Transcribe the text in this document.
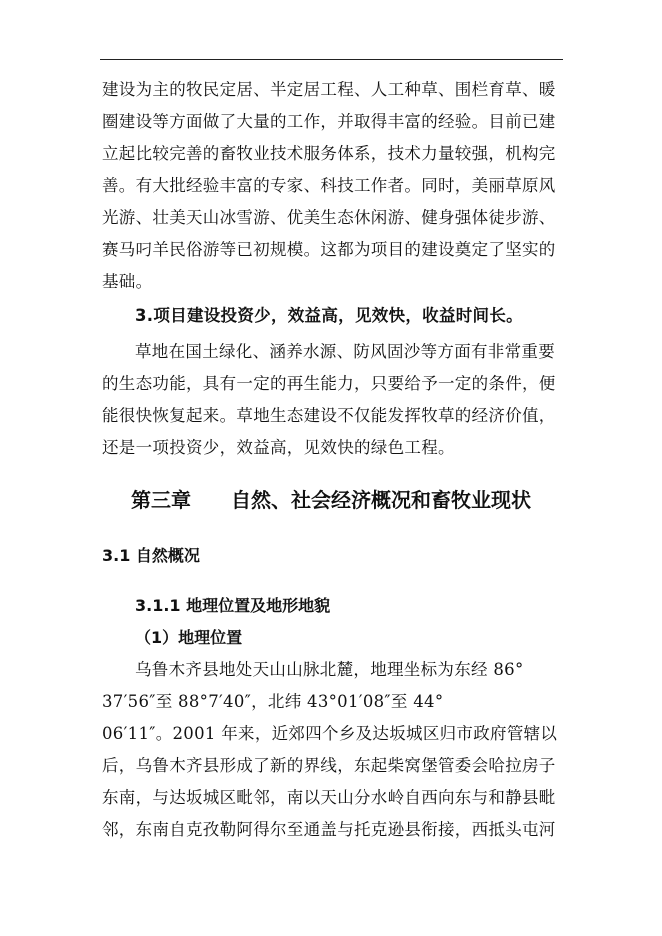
建设为主的牧民定居、半定居工程、人工种草、围栏育草、暖
圈建设等方面做了大量的工作，并取得丰富的经验。目前已建
立起比较完善的畜牧业技术服务体系，技术力量较强，机构完
善。有大批经验丰富的专家、科技工作者。同时，美丽草原风
光游、壮美天山冰雪游、优美生态休闲游、健身强体徒步游、
赛马叼羊民俗游等已初规模。这都为项目的建设奠定了坚实的
基础。
3.项目建设投资少，效益高，见效快，收益时间长。
草地在国土绿化、涵养水源、防风固沙等方面有非常重要
的生态功能，具有一定的再生能力，只要给予一定的条件，便
能很快恢复起来。草地生态建设不仅能发挥牧草的经济价值，
还是一项投资少，效益高，见效快的绿色工程。
第三章　　自然、社会经济概况和畜牧业现状
3.1 自然概况
3.1.1 地理位置及地形地貌
（1）地理位置
乌鲁木齐县地处天山山脉北麓，地理坐标为东经 86°
37′56″至 88°7′40″，北纬 43°01′08″至 44°
06′11″。2001 年来，近郊四个乡及达坂城区归市政府管辖以
后，乌鲁木齐县形成了新的界线，东起柴窝堡管委会哈拉房子
东南，与达坂城区毗邻，南以天山分水岭自西向东与和静县毗
邻，东南自克孜勒阿得尔至通盖与托克逊县衔接，西抵头屯河
